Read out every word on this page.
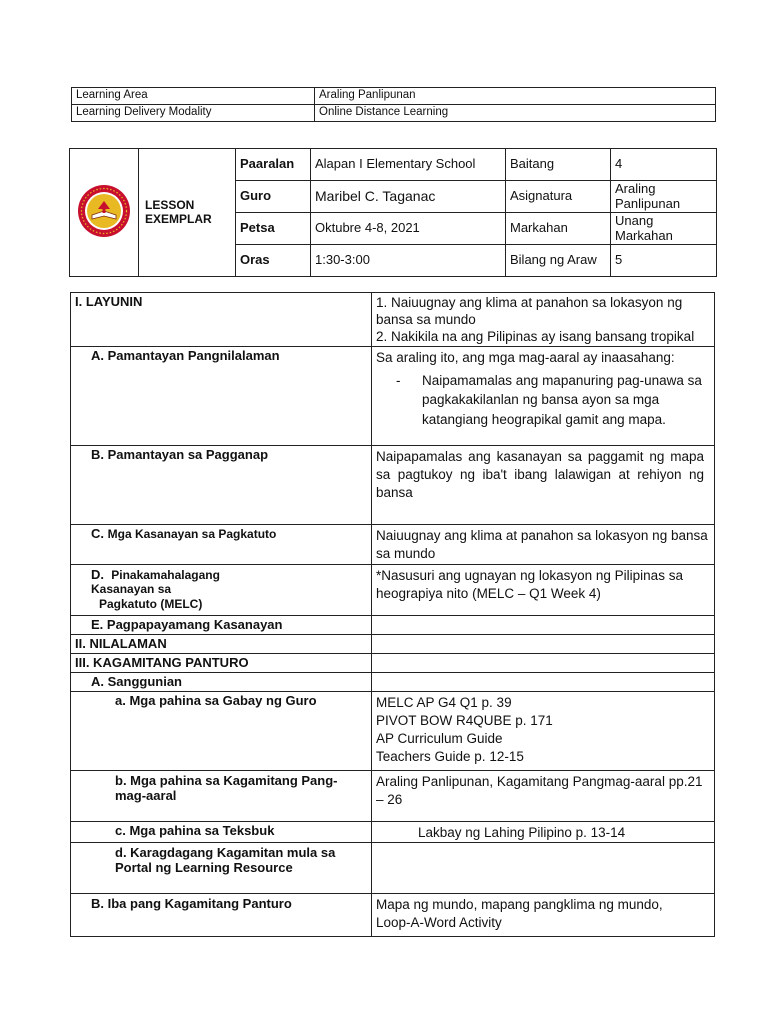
Learning Area	Araling Panlipunan
Learning Delivery Modality	Online Distance Learning

LESSON
EXEMPLAR	Paaralan	Alapan I Elementary School	Baitang	4
		Guro	Maribel C. Taganac	Asignatura	Araling Panlipunan
		Petsa	Oktubre 4-8, 2021	Markahan	Unang Markahan
		Oras	1:30-3:00	Bilang ng Araw	5
I. LAYUNIN	1. Naiuugnay ang klima at panahon sa lokasyon ng bansa sa mundo
2. Nakikila na ang Pilipinas ay isang bansang tropikal

A. Pamantayan Pangnilalaman	Sa araling ito, ang mga mag-aaral ay inaasahang:
- Naipamamalas ang mapanuring pag-unawa sa pagkakakilanlan ng bansa ayon sa mga katangiang heograpikal gamit ang mapa.

B. Pamantayan sa Pagganap	Naipapamalas ang kasanayan sa paggamit ng mapa sa pagtukoy ng iba't ibang lalawigan at rehiyon ng bansa
C. Mga Kasanayan sa Pagkatuto	Naiuugnay ang klima at panahon sa lokasyon ng bansa sa mundo

D. Pinakamahalagang
Kasanayan sa
Pagkatuto (MELC)	*Nasusuri ang ugnayan ng lokasyon ng Pilipinas sa heograpiya nito (MELC – Q1 Week 4)
E. Pagpapayamang Kasanayan	
II. NILALAMAN	
III. KAGAMITANG PANTURO	
A. Sanggunian	
a. Mga pahina sa Gabay ng Guro	MELC AP G4 Q1 p. 39
PIVOT BOW R4QUBE p. 171
AP Curriculum Guide
Teachers Guide p. 12-15

b. Mga pahina sa Kagamitang Pang-mag-aaral	Araling Panlipunan, Kagamitang Pangmag-aaral pp.21 – 26
c. Mga pahina sa Teksbuk	Lakbay ng Lahing Pilipino p. 13-14

d. Karagdagang Kagamitan mula sa Portal ng Learning Resource	
B. Iba pang Kagamitang Panturo	Mapa ng mundo, mapang pangklima ng mundo,
Loop-A-Word Activity
